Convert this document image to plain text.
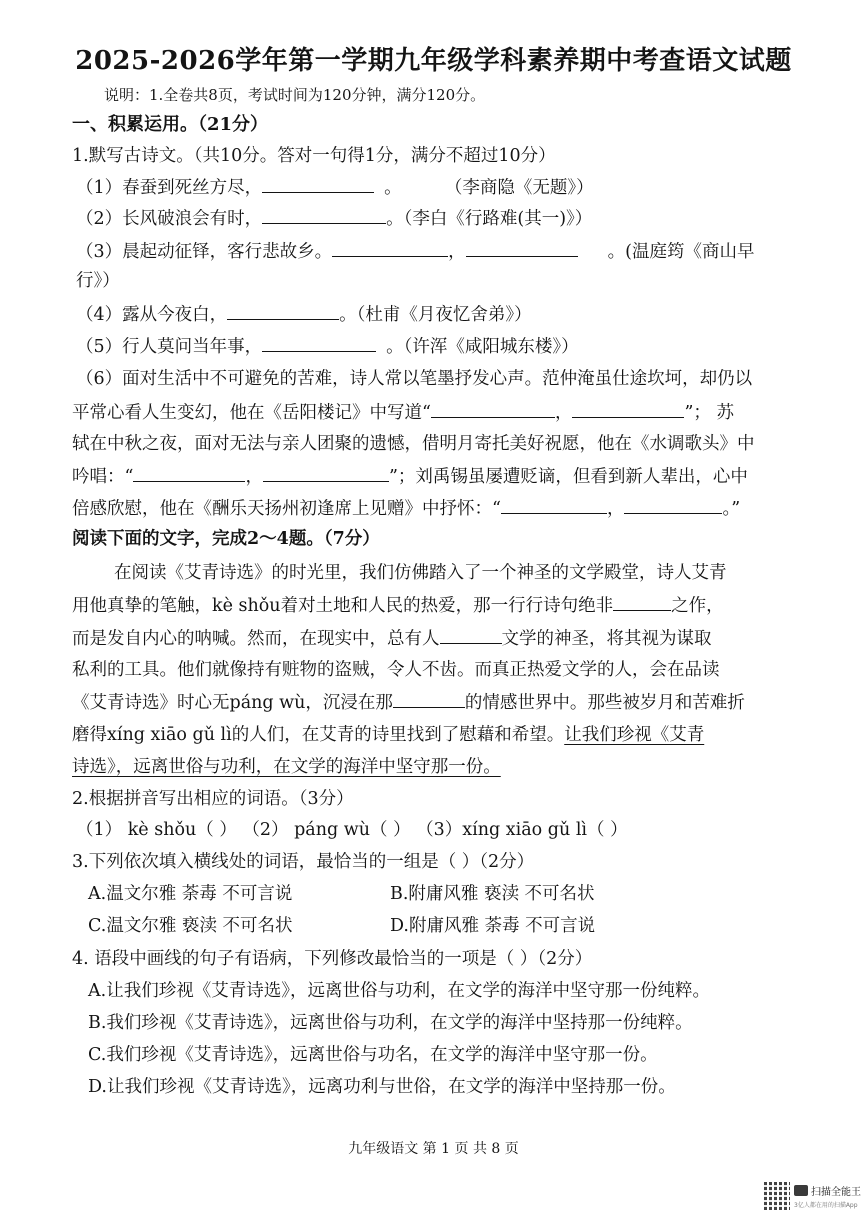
2025-2026学年第一学期九年级学科素养期中考查语文试题
说明：1.全卷共8页，考试时间为120分钟，满分120分。
一、积累运用。（21分）
1.默写古诗文。（共10分。答对一句得1分，满分不超过10分）
（1）春蚕到死丝方尽，	。	（李商隐《无题》）
（2）长风破浪会有时，	。（李白《行路难(其一)》）
（3）晨起动征铎，客行悲故乡。	，	。(温庭筠《商山早
行》）
（4）露从今夜白，	。（杜甫《月夜忆舍弟》）
（5）行人莫问当年事，	。（许浑《咸阳城东楼》）
（6）面对生活中不可避免的苦难，诗人常以笔墨抒发心声。范仲淹虽仕途坎坷，却仍以
平常心看人生变幻，他在《岳阳楼记》中写道“	，	”； 苏
轼在中秋之夜，面对无法与亲人团聚的遗憾，借明月寄托美好祝愿，他在《水调歌头》中
吟唱：“	，	”；刘禹锡虽屡遭贬谪，但看到新人辈出，心中
倍感欣慰，他在《酬乐天扬州初逢席上见赠》中抒怀：“	，	。”
阅读下面的文字，完成2～4题。（7分）
在阅读《艾青诗选》的时光里，我们仿佛踏入了一个神圣的文学殿堂，诗人艾青
用他真挚的笔触，kè shǒu着对土地和人民的热爱，那一行行诗句绝非	之作，
而是发自内心的呐喊。然而，在现实中，总有人	文学的神圣，将其视为谋取
私利的工具。他们就像持有赃物的盗贼，令人不齿。而真正热爱文学的人，会在品读
《艾青诗选》时心无páng wù，沉浸在那	的情感世界中。那些被岁月和苦难折
磨得xíng xiāo gǔ lì的人们，在艾青的诗里找到了慰藉和希望。让我们珍视《艾青
诗选》，远离世俗与功利，在文学的海洋中坚守那一份。
2.根据拼音写出相应的词语。（3分）
（1） kè shǒu（ ） （2） páng wù（ ） （3）xíng xiāo gǔ lì（ ）
3.下列依次填入横线处的词语，最恰当的一组是（ ）（2分）
A.温文尔雅 荼毒 不可言说	B.附庸风雅 亵渎 不可名状
C.温文尔雅 亵渎 不可名状	D.附庸风雅 荼毒 不可言说
4. 语段中画线的句子有语病，下列修改最恰当的一项是（ ）（2分）
A.让我们珍视《艾青诗选》，远离世俗与功利，在文学的海洋中坚守那一份纯粹。
B.我们珍视《艾青诗选》，远离世俗与功利，在文学的海洋中坚持那一份纯粹。
C.我们珍视《艾青诗选》，远离世俗与功名，在文学的海洋中坚守那一份。
D.让我们珍视《艾青诗选》，远离功利与世俗，在文学的海洋中坚持那一份。
九年级语文 第 1 页 共 8 页
扫描全能王
3亿人都在用的扫描App
